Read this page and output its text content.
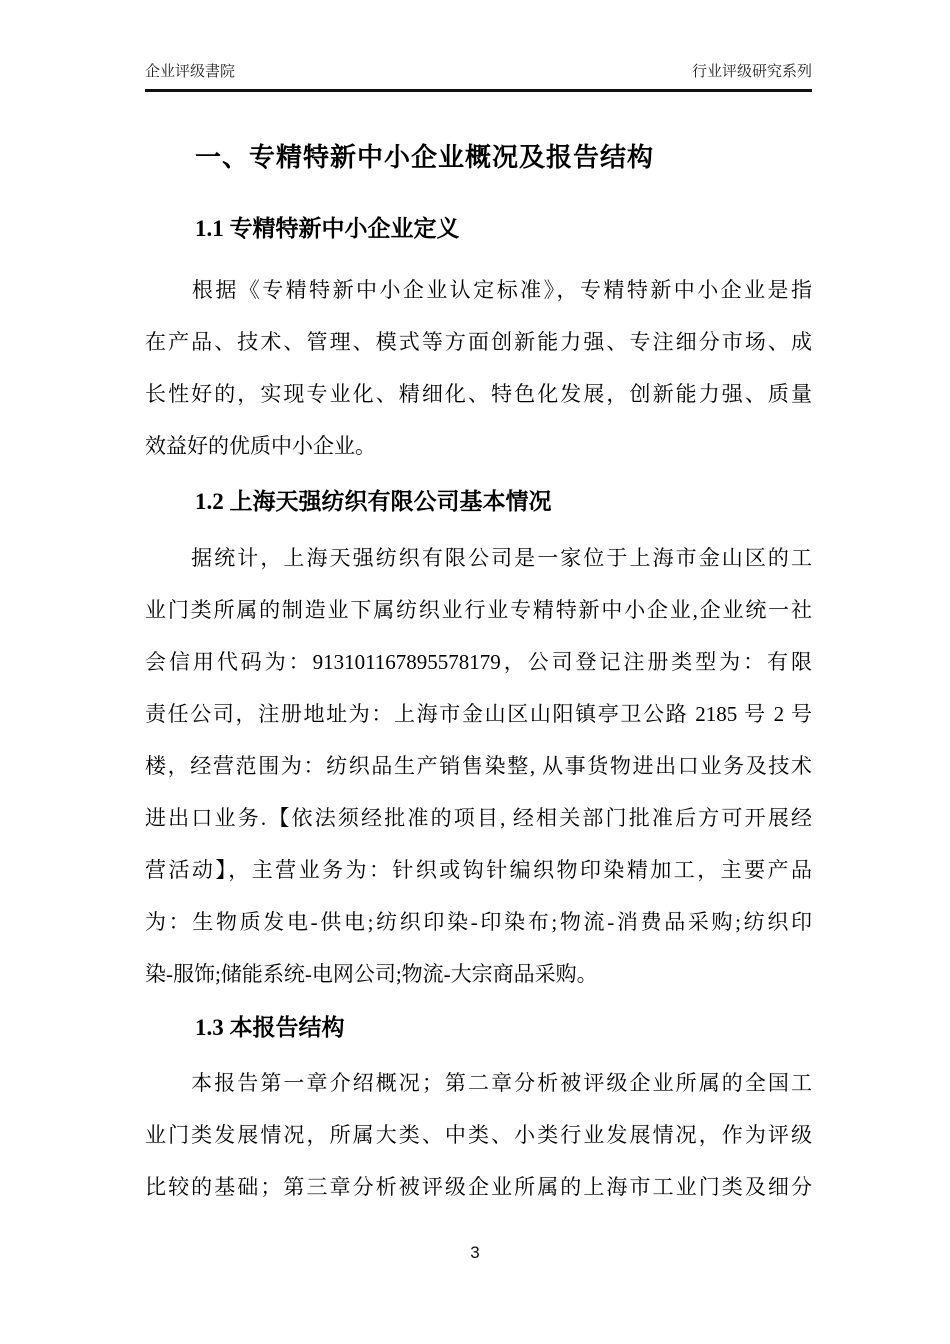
企业评级書院	行业评级研究系列
一、专精特新中小企业概况及报告结构
1.1 专精特新中小企业定义
　　根据《专精特新中小企业认定标准》，专精特新中小企业是指
在产品、技术、管理、模式等方面创新能力强、专注细分市场、成
长性好的，实现专业化、精细化、特色化发展，创新能力强、质量
效益好的优质中小企业。
1.2 上海天强纺织有限公司基本情况
　　据统计，上海天强纺织有限公司是一家位于上海市金山区的工
业门类所属的制造业下属纺织业行业专精特新中小企业,企业统一社
会信用代码为：913101167895578179，公司登记注册类型为：有限
责任公司，注册地址为：上海市金山区山阳镇亭卫公路 2185 号 2 号
楼，经营范围为：纺织品生产销售染整, 从事货物进出口业务及技术
进出口业务.【依法须经批准的项目, 经相关部门批准后方可开展经
营活动】，主营业务为：针织或钩针编织物印染精加工，主要产品
为：生物质发电-供电;纺织印染-印染布;物流-消费品采购;纺织印
染-服饰;储能系统-电网公司;物流-大宗商品采购。
1.3 本报告结构
　　本报告第一章介绍概况；第二章分析被评级企业所属的全国工
业门类发展情况，所属大类、中类、小类行业发展情况，作为评级
比较的基础；第三章分析被评级企业所属的上海市工业门类及细分
3
